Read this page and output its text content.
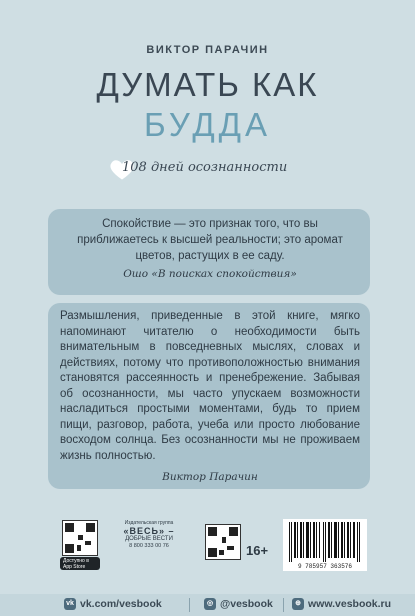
ВИКТОР ПАРАЧИН
ДУМАТЬ КАК
БУДДА
108 дней осознанности
Спокойствие — это признак того, что вы приближаетесь к высшей реальности; это аромат цветов, растущих в ее саду.
Ошо «В поисках спокойствия»
Размышления, приведенные в этой книге, мягко напоминают читателю о необходимости быть внимательным в повседневных мыслях, словах и действиях, потому что противоположностью внимания становятся рассеянность и пренебрежение. Забывая об осознанности, мы часто упускаем возможности насладиться простыми моментами, будь то прием пищи, разговор, работа, учеба или просто любование восходом солнца. Без осознанности мы не проживаем жизнь полностью.
Виктор Парачин
Доступно в
App Store
Издательская группа
«ВЕСЬ» –
ДОБРЫЕ ВЕСТИ
8 800 333 00 76	16+
9 785957 363576
vk vk.com/vesbook	◎ @vesbook	⊕ www.vesbook.ru
